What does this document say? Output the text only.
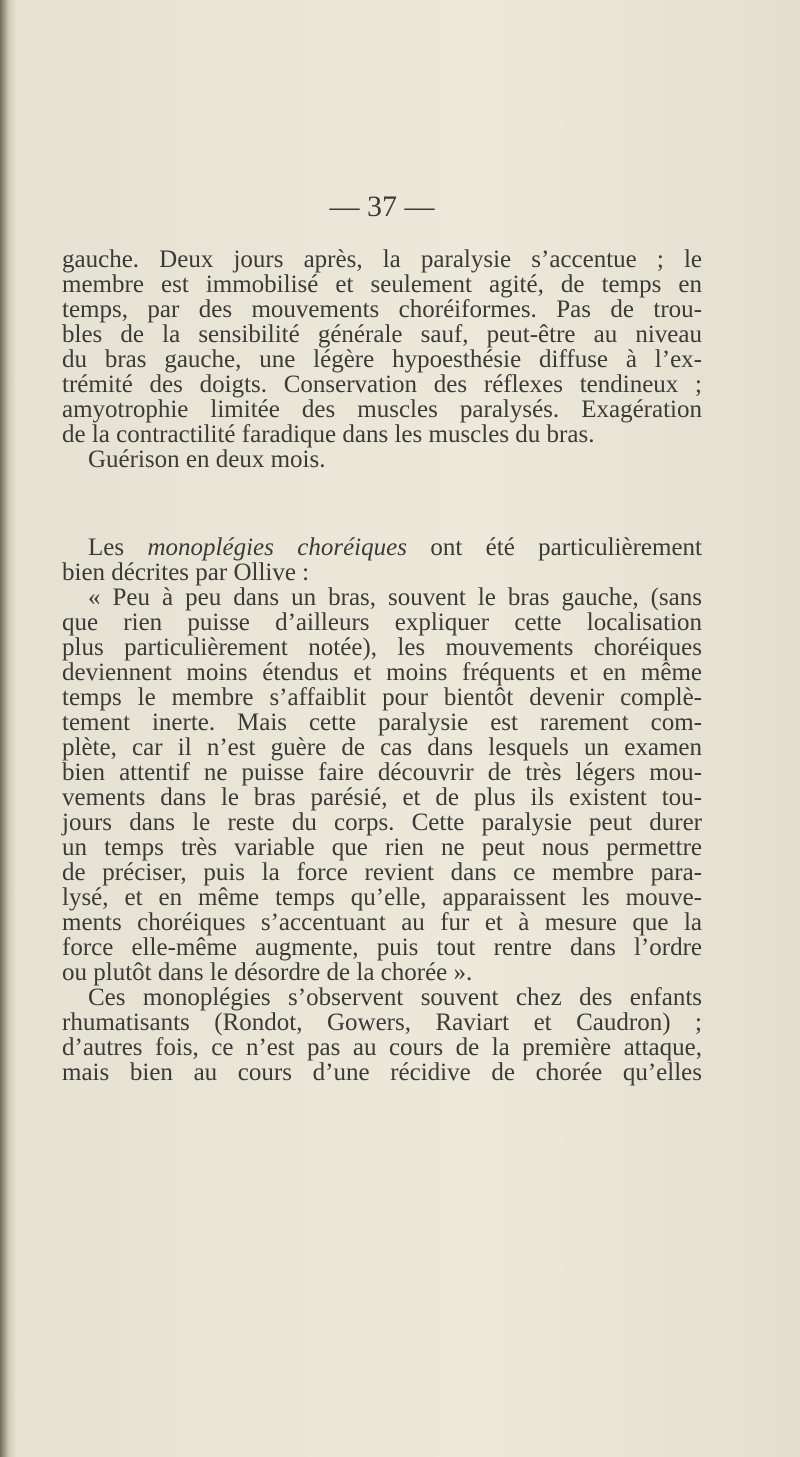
— 37 —
gauche. Deux jours après, la paralysie s’accentue ; le
membre est immobilisé et seulement agité, de temps en
temps, par des mouvements choréiformes. Pas de trou-
bles de la sensibilité générale sauf, peut-être au niveau
du bras gauche, une légère hypoesthésie diffuse à l’ex-
trémité des doigts. Conservation des réflexes tendineux ;
amyotrophie limitée des muscles paralysés. Exagération
de la contractilité faradique dans les muscles du bras.
Guérison en deux mois.
Les monoplégies choréiques ont été particulièrement
bien décrites par Ollive :
« Peu à peu dans un bras, souvent le bras gauche, (sans
que rien puisse d’ailleurs expliquer cette localisation
plus particulièrement notée), les mouvements choréiques
deviennent moins étendus et moins fréquents et en même
temps le membre s’affaiblit pour bientôt devenir complè-
tement inerte. Mais cette paralysie est rarement com-
plète, car il n’est guère de cas dans lesquels un examen
bien attentif ne puisse faire découvrir de très légers mou-
vements dans le bras parésié, et de plus ils existent tou-
jours dans le reste du corps. Cette paralysie peut durer
un temps très variable que rien ne peut nous permettre
de préciser, puis la force revient dans ce membre para-
lysé, et en même temps qu’elle, apparaissent les mouve-
ments choréiques s’accentuant au fur et à mesure que la
force elle-même augmente, puis tout rentre dans l’ordre
ou plutôt dans le désordre de la chorée ».
Ces monoplégies s’observent souvent chez des enfants
rhumatisants (Rondot, Gowers, Raviart et Caudron) ;
d’autres fois, ce n’est pas au cours de la première attaque,
mais bien au cours d’une récidive de chorée qu’elles
